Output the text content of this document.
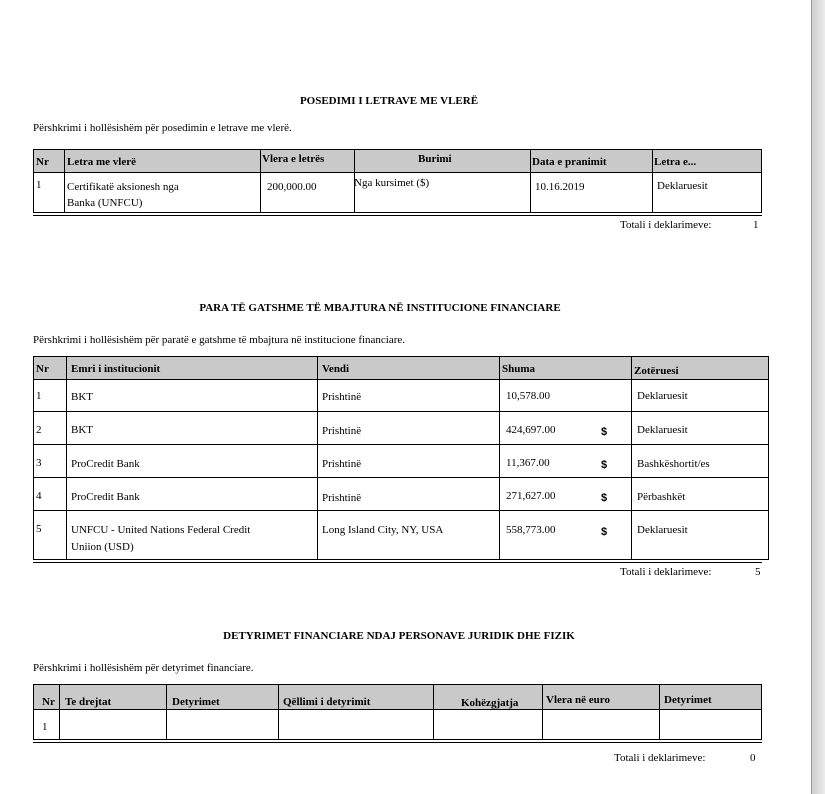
POSEDIMI I LETRAVE ME VLERË
Përshkrimi i hollësishëm për posedimin e letrave me vlerë.
Nr Letra me vlerë	Vlera e letrës	Burimi	Data e pranimit	Letra e...
1 Certifikatë aksionesh nga
Banka (UNFCU)
200,000.00	Nga kursimet ($)	10.16.2019	Deklaruesit
Totali i deklarimeve:	1
PARA TË GATSHME TË MBAJTURA NË INSTITUCIONE FINANCIARE
Përshkrimi i hollësishëm për paratë e gatshme të mbajtura në institucione financiare.
Nr Emri i institucionit	Vendi	Shuma	Zotëruesi
1	BKT	Prishtinë	10,578.00	Deklaruesit
2	BKT	Prishtinë	424,697.00	$	Deklaruesit
3	ProCredit Bank	Prishtinë	11,367.00	$	Bashkëshortit/es
4	ProCredit Bank	Prishtinë	271,627.00	$	Përbashkët
5	UNFCU - United Nations Federal Credit
Uniion (USD)
Long Island City, NY, USA	558,773.00	$	Deklaruesit
Totali i deklarimeve:	5
DETYRIMET FINANCIARE NDAJ PERSONAVE JURIDIK DHE FIZIK
Përshkrimi i hollësishëm për detyrimet financiare.
Nr Te drejtat	Detyrimet	Qëllimi i detyrimit	Kohëzgjatja	Vlera në euro	Detyrimet
1
Totali i deklarimeve:	0
